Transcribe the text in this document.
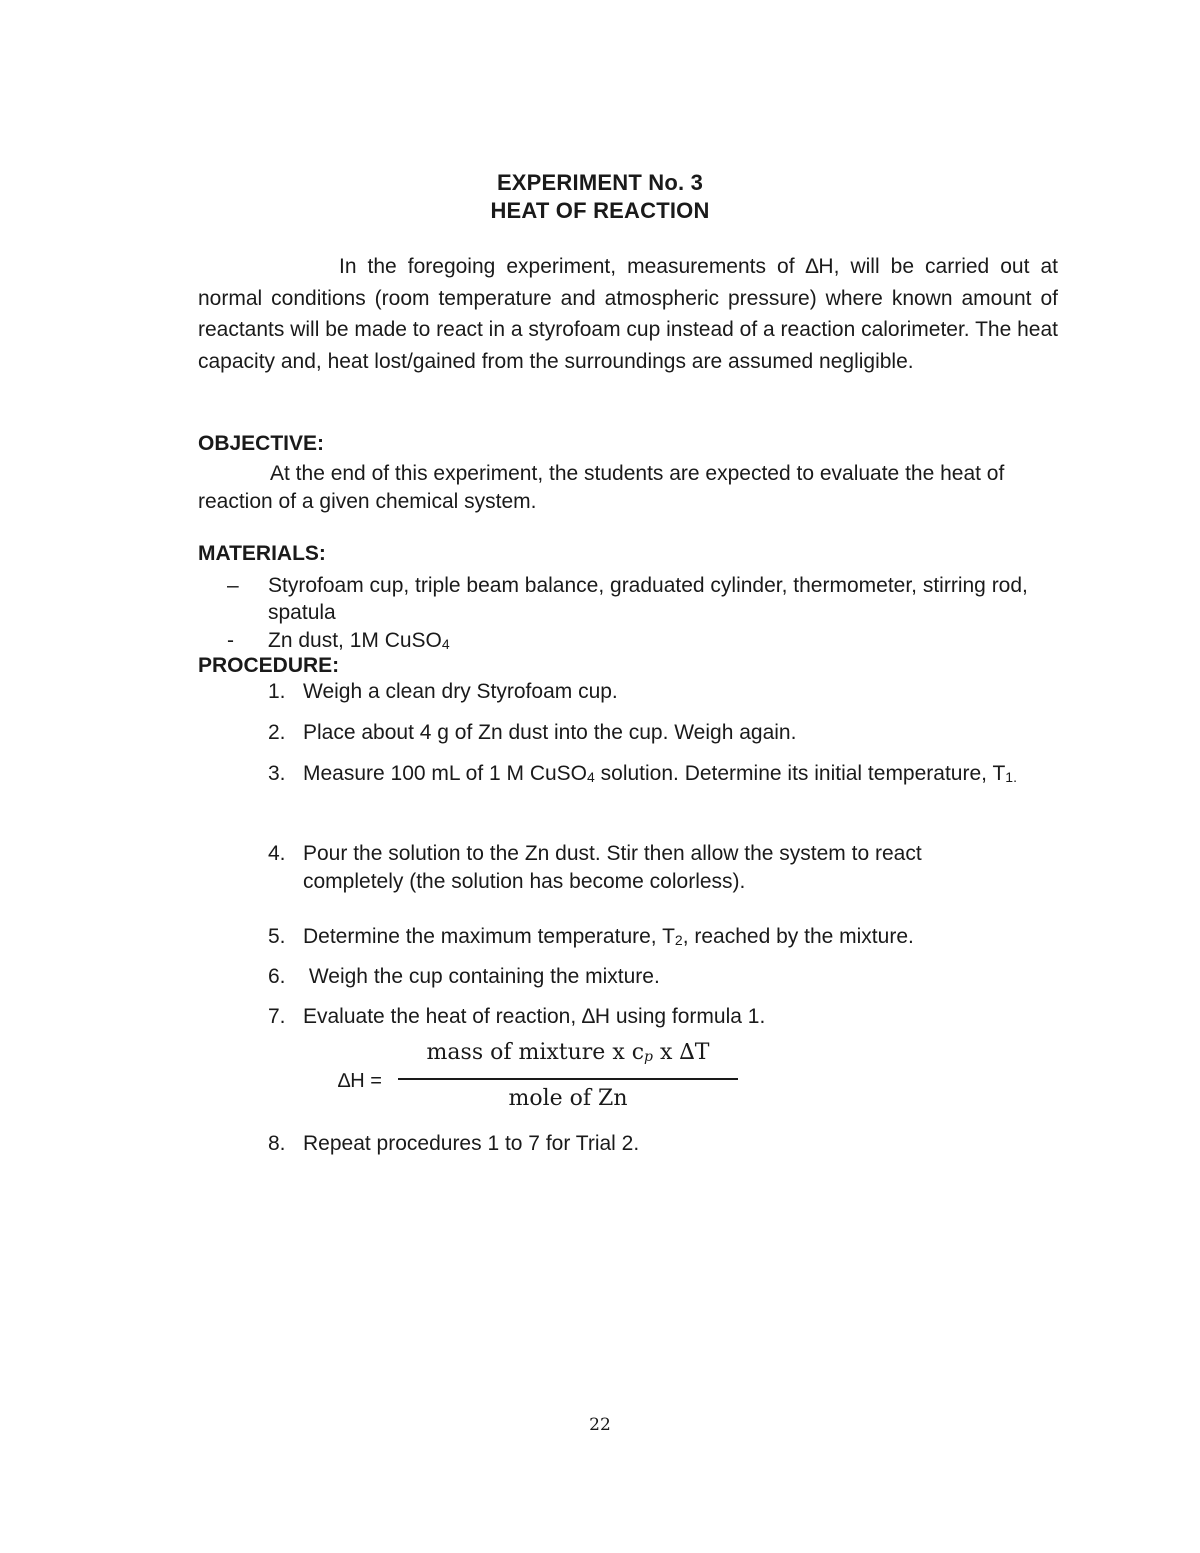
EXPERIMENT No. 3
HEAT OF REACTION
In the foregoing experiment, measurements of ∆H, will be carried out at normal conditions (room temperature and atmospheric pressure) where known amount of reactants will be made to react in a styrofoam cup instead of a reaction calorimeter. The heat capacity and, heat lost/gained from the surroundings are assumed negligible.
OBJECTIVE:
At the end of this experiment, the students are expected to evaluate the heat of reaction of a given chemical system.
MATERIALS:
– Styrofoam cup, triple beam balance, graduated cylinder, thermometer, stirring rod, spatula
- Zn dust, 1M CuSO$_4$
PROCEDURE:
1. Weigh a clean dry Styrofoam cup.
2. Place about 4 g of Zn dust into the cup. Weigh again.
3. Measure 100 mL of 1 M CuSO$_4$ solution. Determine its initial temperature, $T_{1.}$
4. Pour the solution to the Zn dust. Stir then allow the system to react completely (the solution has become colorless).
5. Determine the maximum temperature, $T_2$, reached by the mixture.
6. Weigh the cup containing the mixture.
7. Evaluate the heat of reaction, ∆H using formula 1.
∆H =
mass of mixture x $c_p$ x ∆T
mole of Zn
8. Repeat procedures 1 to 7 for Trial 2.
22
